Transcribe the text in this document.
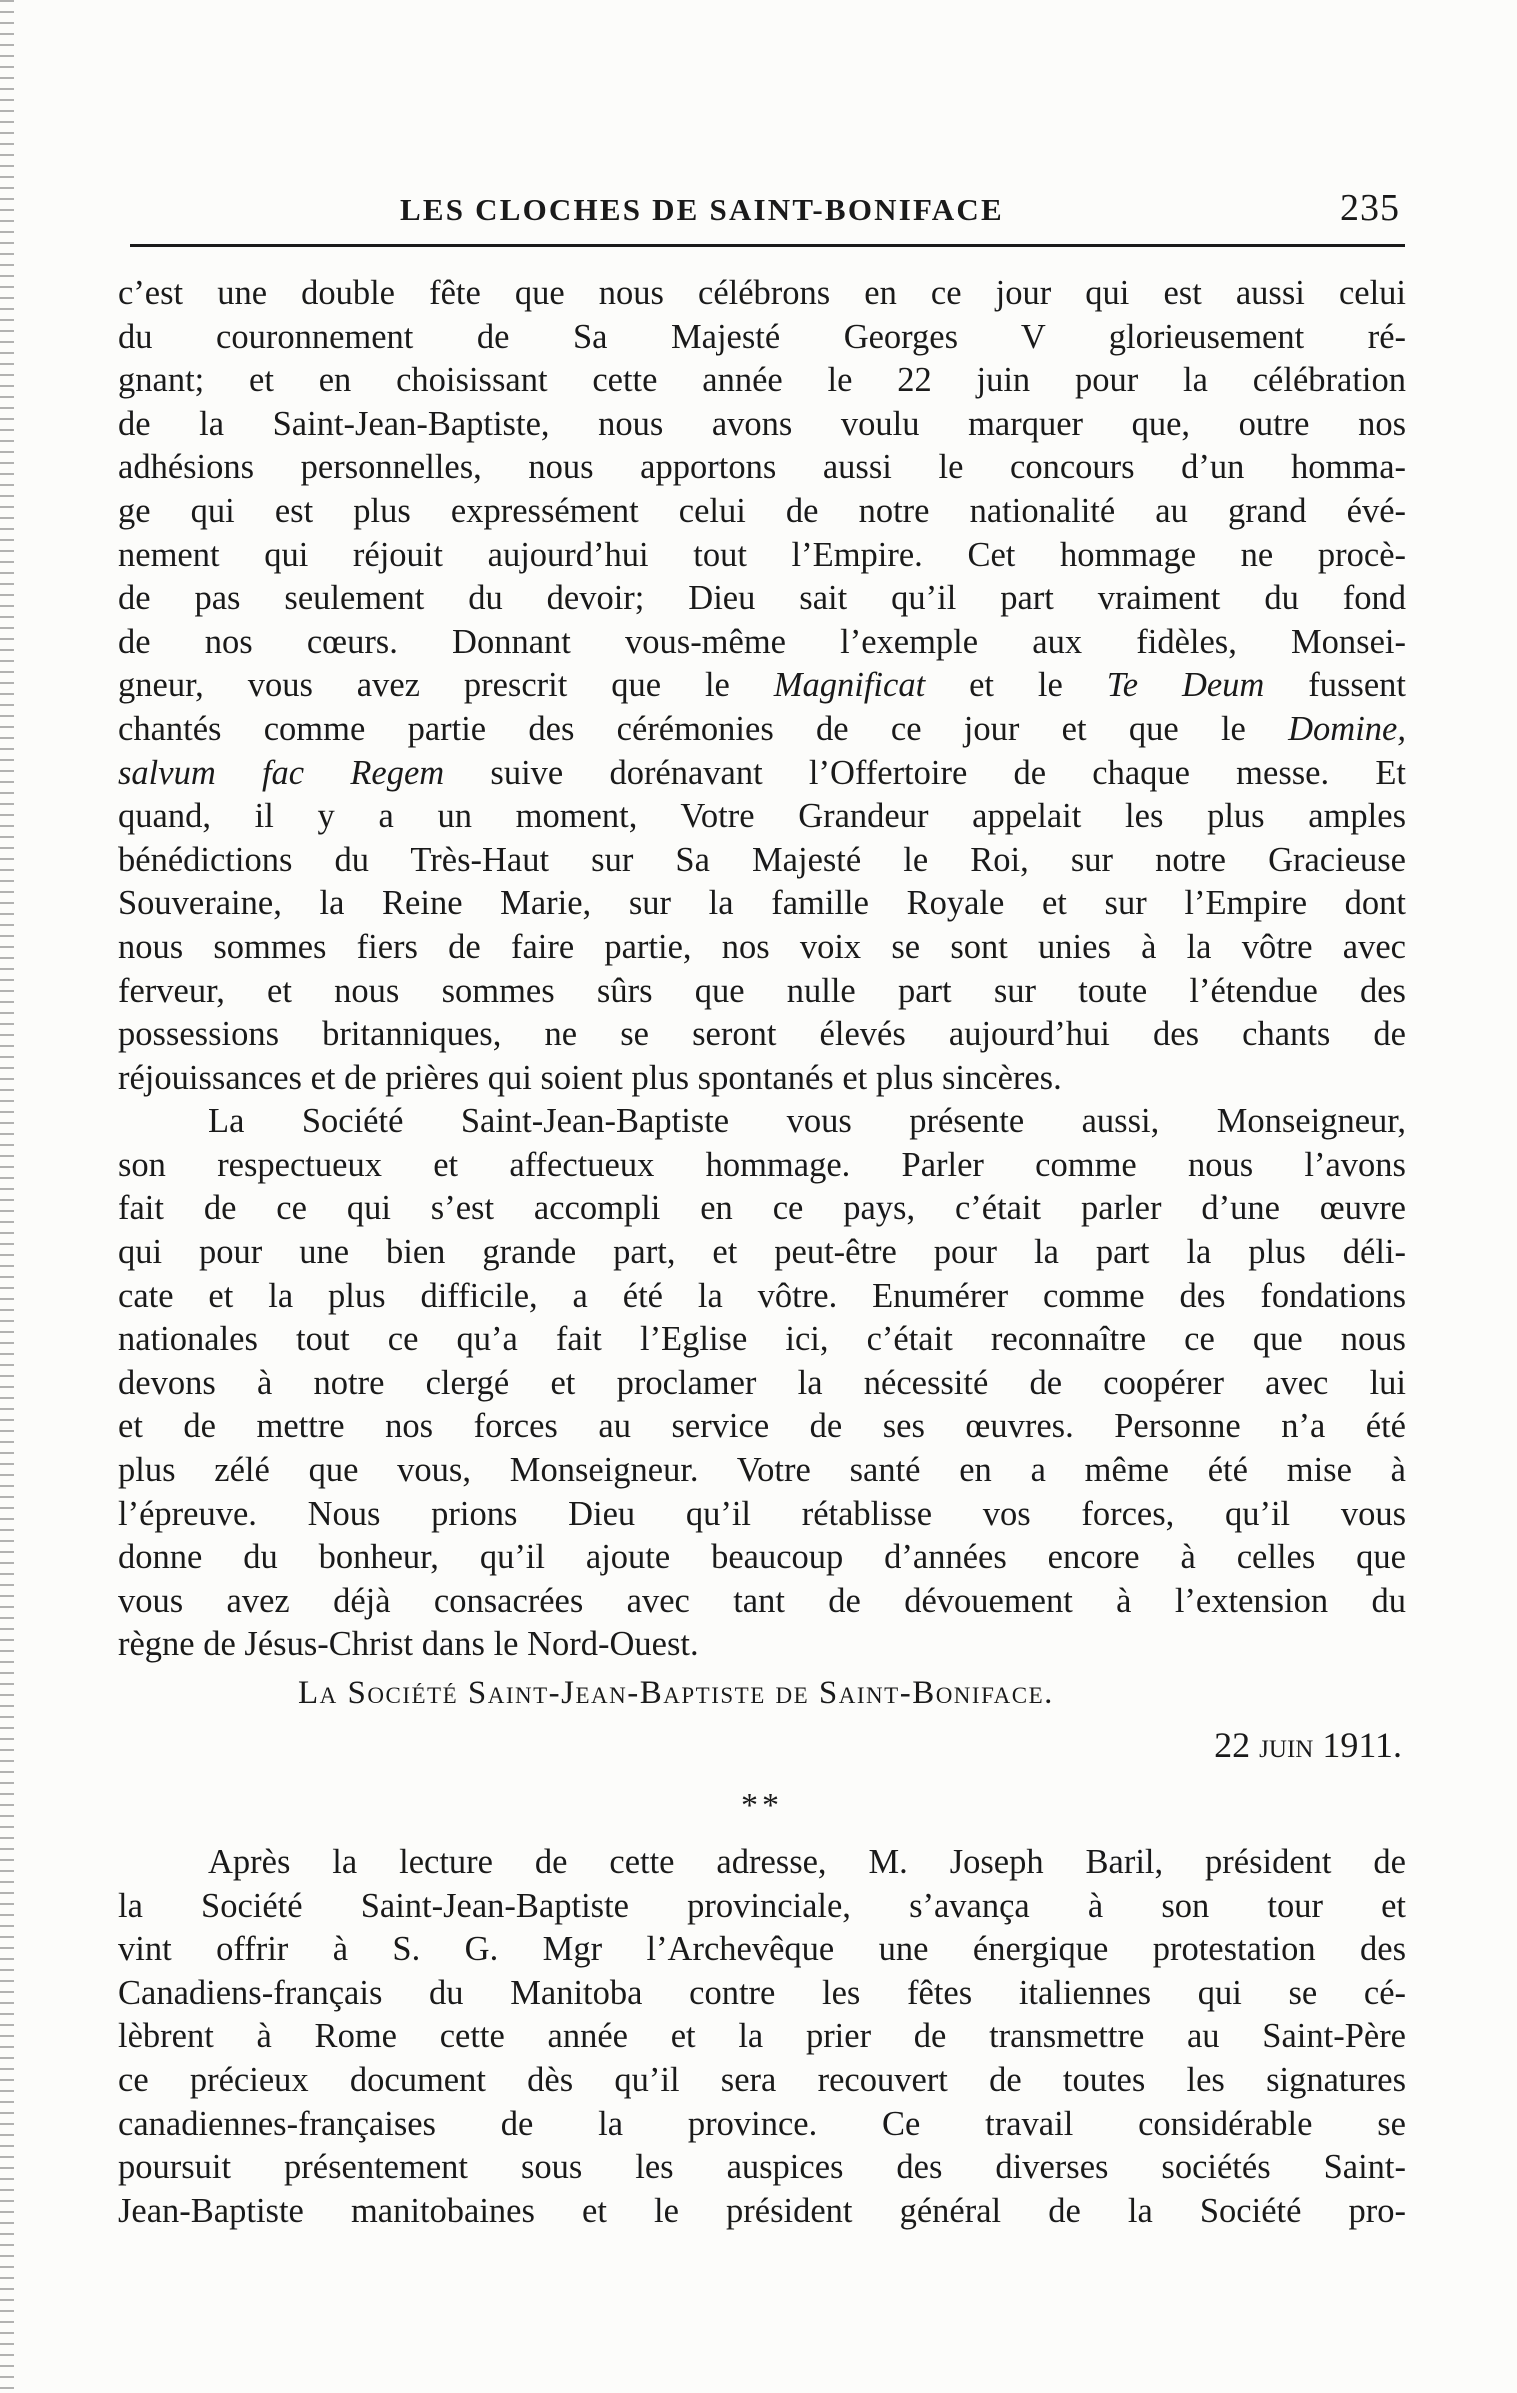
LES CLOCHES DE SAINT-BONIFACE	235
c’est une double fête que nous célébrons en ce jour qui est aussi celui
du couronnement de Sa Majesté Georges V glorieusement ré-
gnant; et en choisissant cette année le 22 juin pour la célébration
de la Saint-Jean-Baptiste, nous avons voulu marquer que, outre nos
adhésions personnelles, nous apportons aussi le concours d’un homma-
ge qui est plus expressément celui de notre nationalité au grand évé-
nement qui réjouit aujourd’hui tout l’Empire. Cet hommage ne procè-
de pas seulement du devoir; Dieu sait qu’il part vraiment du fond
de nos cœurs. Donnant vous-même l’exemple aux fidèles, Monsei-
gneur, vous avez prescrit que le Magnificat et le Te Deum fussent
chantés comme partie des cérémonies de ce jour et que le Domine,
salvum fac Regem suive dorénavant l’Offertoire de chaque messe. Et
quand, il y a un moment, Votre Grandeur appelait les plus amples
bénédictions du Très-Haut sur Sa Majesté le Roi, sur notre Gracieuse
Souveraine, la Reine Marie, sur la famille Royale et sur l’Empire dont
nous sommes fiers de faire partie, nos voix se sont unies à la vôtre avec
ferveur, et nous sommes sûrs que nulle part sur toute l’étendue des
possessions britanniques, ne se seront élevés aujourd’hui des chants de
réjouissances et de prières qui soient plus spontanés et plus sincères.
La Société Saint-Jean-Baptiste vous présente aussi, Monseigneur,
son respectueux et affectueux hommage. Parler comme nous l’avons
fait de ce qui s’est accompli en ce pays, c’était parler d’une œuvre
qui pour une bien grande part, et peut-être pour la part la plus déli-
cate et la plus difficile, a été la vôtre. Enumérer comme des fondations
nationales tout ce qu’a fait l’Eglise ici, c’était reconnaître ce que nous
devons à notre clergé et proclamer la nécessité de coopérer avec lui
et de mettre nos forces au service de ses œuvres. Personne n’a été
plus zélé que vous, Monseigneur. Votre santé en a même été mise à
l’épreuve. Nous prions Dieu qu’il rétablisse vos forces, qu’il vous
donne du bonheur, qu’il ajoute beaucoup d’années encore à celles que
vous avez déjà consacrées avec tant de dévouement à l’extension du
règne de Jésus-Christ dans le Nord-Ouest.
La Société Saint-Jean-Baptiste de Saint-Boniface.
22 juin 1911.
**
Après la lecture de cette adresse, M. Joseph Baril, président de
la Société Saint-Jean-Baptiste provinciale, s’avança à son tour et
vint offrir à S. G. Mgr l’Archevêque une énergique protestation des
Canadiens-français du Manitoba contre les fêtes italiennes qui se cé-
lèbrent à Rome cette année et la prier de transmettre au Saint-Père
ce précieux document dès qu’il sera recouvert de toutes les signatures
canadiennes-françaises de la province. Ce travail considérable se
poursuit présentement sous les auspices des diverses sociétés Saint-
Jean-Baptiste manitobaines et le président général de la Société pro-
